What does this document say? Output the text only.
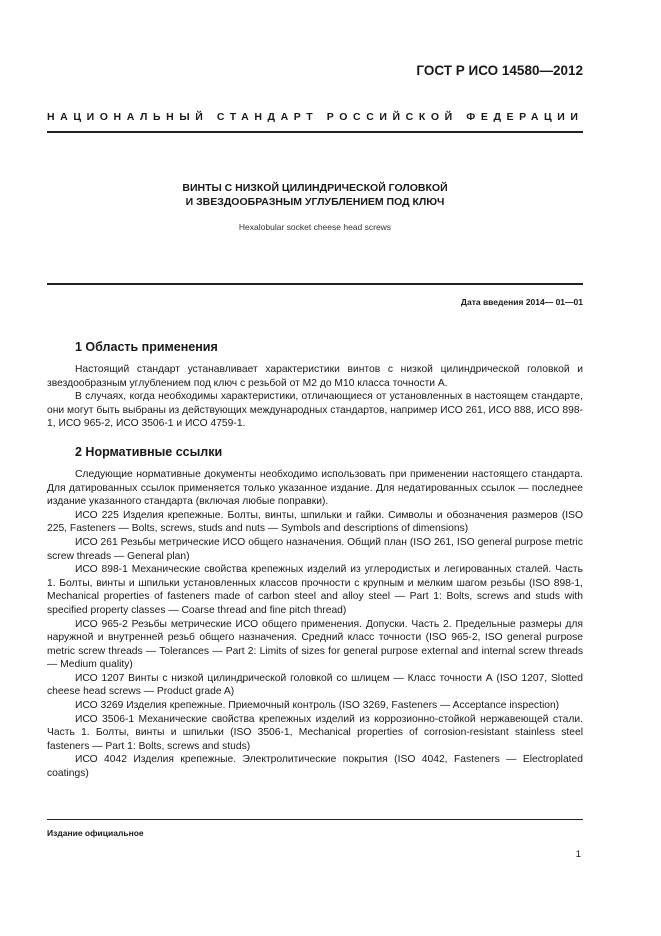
ГОСТ Р ИСО 14580—2012
НАЦИОНАЛЬНЫЙ СТАНДАРТ РОССИЙСКОЙ ФЕДЕРАЦИИ
ВИНТЫ С НИЗКОЙ ЦИЛИНДРИЧЕСКОЙ ГОЛОВКОЙ
И ЗВЕЗДООБРАЗНЫМ УГЛУБЛЕНИЕМ ПОД КЛЮЧ
Hexalobular socket cheese head screws
Дата введения 2014— 01—01
1 Область применения

Настоящий стандарт устанавливает характеристики винтов с низкой цилиндрической головкой и звездообразным углублением под ключ с резьбой от М2 до М10 класса точности А.

В случаях, когда необходимы характеристики, отличающиеся от установленных в настоящем стандарте, они могут быть выбраны из действующих международных стандартов, например ИСО 261, ИСО 888, ИСО 898-1, ИСО 965-2, ИСО 3506-1 и ИСО 4759-1.

2 Нормативные ссылки

Следующие нормативные документы необходимо использовать при применении настоящего стандарта. Для датированных ссылок применяется только указанное издание. Для недатированных ссылок — последнее издание указанного стандарта (включая любые поправки).

ИСО 225 Изделия крепежные. Болты, винты, шпильки и гайки. Символы и обозначения размеров (ISO 225, Fasteners — Bolts, screws, studs and nuts — Symbols and descriptions of dimensions)

ИСО 261 Резьбы метрические ИСО общего назначения. Общий план (ISO 261, ISO general purpose metric screw threads — General plan)

ИСО 898-1 Механические свойства крепежных изделий из углеродистых и легированных сталей. Часть 1. Болты, винты и шпильки установленных классов прочности с крупным и мелким шагом резьбы (ISO 898-1, Mechanical properties of fasteners made of carbon steel and alloy steel — Part 1: Bolts, screws and studs with specified property classes — Coarse thread and fine pitch thread)

ИСО 965-2 Резьбы метрические ИСО общего применения. Допуски. Часть 2. Предельные размеры для наружной и внутренней резьб общего назначения. Средний класс точности (ISO 965-2, ISO general purpose metric screw threads — Tolerances — Part 2: Limits of sizes for general purpose external and internal screw threads — Medium quality)

ИСО 1207 Винты с низкой цилиндрической головкой со шлицем — Класс точности А (ISO 1207, Slotted cheese head screws — Product grade A)

ИСО 3269 Изделия крепежные. Приемочный контроль (ISO 3269, Fasteners — Acceptance inspection)

ИСО 3506-1 Механические свойства крепежных изделий из коррозионно-стойкой нержавеющей стали. Часть 1. Болты, винты и шпильки (ISO 3506-1, Mechanical properties of corrosion-resistant stainless steel fasteners — Part 1: Bolts, screws and studs)

ИСО 4042 Изделия крепежные. Электролитические покрытия (ISO 4042, Fasteners — Electroplated coatings)

Издание официальное
1
